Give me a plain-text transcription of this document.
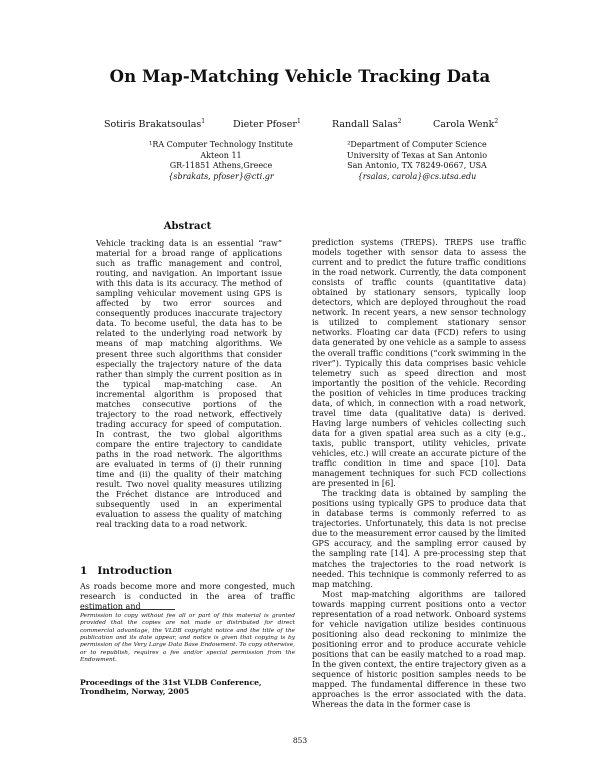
On Map-Matching Vehicle Tracking Data
Sotiris Brakatsoulas$^1$	Dieter Pfoser$^1$	Randall Salas$^2$	Carola Wenk$^2$
¹RA Computer Technology Institute
Akteon 11
GR-11851 Athens,Greece
{sbrakats, pfoser}@cti.gr
²Department of Computer Science
University of Texas at San Antonio
San Antonio, TX 78249-0667, USA
{rsalas, carola}@cs.utsa.edu
Abstract
Vehicle tracking data is an essential “raw” material for a broad range of applications such as traffic management and control, routing, and navigation. An important issue with this data is its accuracy. The method of sampling vehicular movement using GPS is affected by two error sources and consequently produces inaccurate trajectory data. To become useful, the data has to be related to the underlying road network by means of map matching algorithms. We present three such algorithms that consider especially the trajectory nature of the data rather than simply the current position as in the typical map-matching case. An incremental algorithm is proposed that matches consecutive portions of the trajectory to the road network, effectively trading accuracy for speed of computation. In contrast, the two global algorithms compare the entire trajectory to candidate paths in the road network. The algorithms are evaluated in terms of (i) their running time and (ii) the quality of their matching result. Two novel quality measures utilizing the Fréchet distance are introduced and subsequently used in an experimental evaluation to assess the quality of matching real tracking data to a road network.
1 Introduction
As roads become more and more congested, much research is conducted in the area of traffic estimation and
Permission to copy without fee all or part of this material is granted provided that the copies are not made or distributed for direct commercial advantage, the VLDB copyright notice and the title of the publication and its date appear, and notice is given that copying is by permission of the Very Large Data Base Endowment. To copy otherwise, or to republish, requires a fee and/or special permission from the Endowment.
Proceedings of the 31st VLDB Conference,
Trondheim, Norway, 2005

prediction systems (TREPS). TREPS use traffic models together with sensor data to assess the current and to predict the future traffic conditions in the road network. Currently, the data component consists of traffic counts (quantitative data) obtained by stationary sensors, typically loop detectors, which are deployed throughout the road network. In recent years, a new sensor technology is utilized to complement stationary sensor networks. Floating car data (FCD) refers to using data generated by one vehicle as a sample to assess the overall traffic conditions (“cork swimming in the river”). Typically this data comprises basic vehicle telemetry such as speed direction and most importantly the position of the vehicle. Recording the position of vehicles in time produces tracking data, of which, in connection with a road network, travel time data (qualitative data) is derived. Having large numbers of vehicles collecting such data for a given spatial area such as a city (e.g., taxis, public transport, utility vehicles, private vehicles, etc.) will create an accurate picture of the traffic condition in time and space [10]. Data management techniques for such FCD collections are presented in [6].

The tracking data is obtained by sampling the positions using typically GPS to produce data that in database terms is commonly referred to as trajectories. Unfortunately, this data is not precise due to the measurement error caused by the limited GPS accuracy, and the sampling error caused by the sampling rate [14]. A pre-processing step that matches the trajectories to the road network is needed. This technique is commonly referred to as map matching.

Most map-matching algorithms are tailored towards mapping current positions onto a vector representation of a road network. Onboard systems for vehicle navigation utilize besides continuous positioning also dead reckoning to minimize the positioning error and to produce accurate vehicle positions that can be easily matched to a road map. In the given context, the entire trajectory given as a sequence of historic position samples needs to be mapped. The fundamental difference in these two approaches is the error associated with the data. Whereas the data in the former case is

853
